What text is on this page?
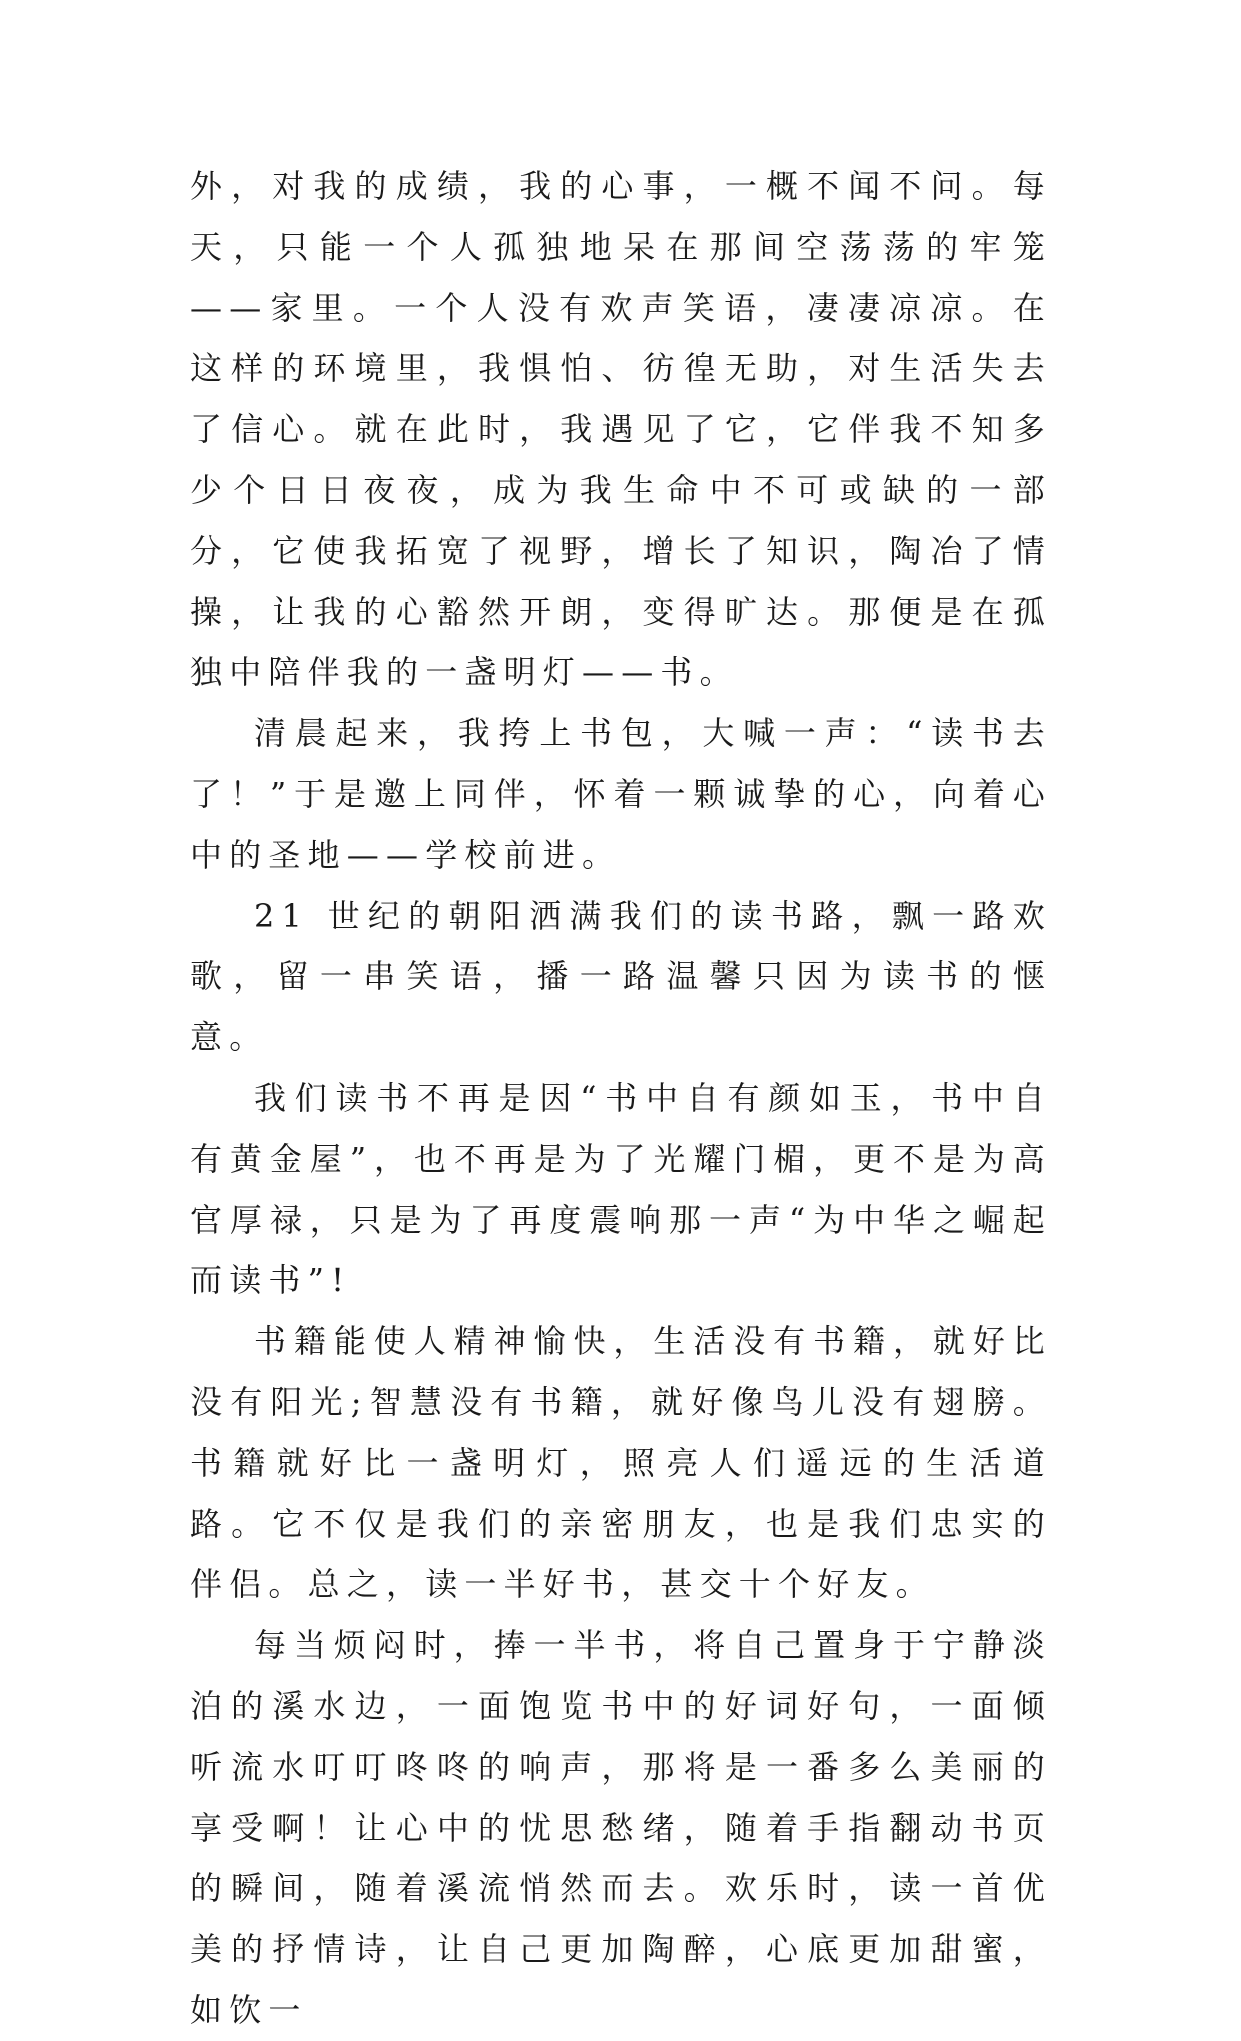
外，对我的成绩，我的心事，一概不闻不问。每天，只能一个人孤独地呆在那间空荡荡的牢笼——家里。一个人没有欢声笑语，凄凄凉凉。在这样的环境里，我惧怕、彷徨无助，对生活失去了信心。就在此时，我遇见了它，它伴我不知多少个日日夜夜，成为我生命中不可或缺的一部分，它使我拓宽了视野，增长了知识，陶冶了情操，让我的心豁然开朗，变得旷达。那便是在孤独中陪伴我的一盏明灯——书。

清晨起来，我挎上书包，大喊一声：“读书去了！”于是邀上同伴，怀着一颗诚挚的心，向着心中的圣地——学校前进。

21 世纪的朝阳洒满我们的读书路，飘一路欢歌，留一串笑语，播一路温馨只因为读书的惬意。

我们读书不再是因“书中自有颜如玉，书中自有黄金屋”，也不再是为了光耀门楣，更不是为高官厚禄，只是为了再度震响那一声“为中华之崛起而读书”!

书籍能使人精神愉快，生活没有书籍，就好比没有阳光;智慧没有书籍，就好像鸟儿没有翅膀。书籍就好比一盏明灯，照亮人们遥远的生活道路。它不仅是我们的亲密朋友，也是我们忠实的伴侣。总之，读一半好书，甚交十个好友。

每当烦闷时，捧一半书，将自己置身于宁静淡泊的溪水边，一面饱览书中的好词好句，一面倾听流水叮叮咚咚的响声，那将是一番多么美丽的享受啊！让心中的忧思愁绪，随着手指翻动书页的瞬间，随着溪流悄然而去。欢乐时，读一首优美的抒情诗，让自己更加陶醉，心底更加甜蜜，如饮一
